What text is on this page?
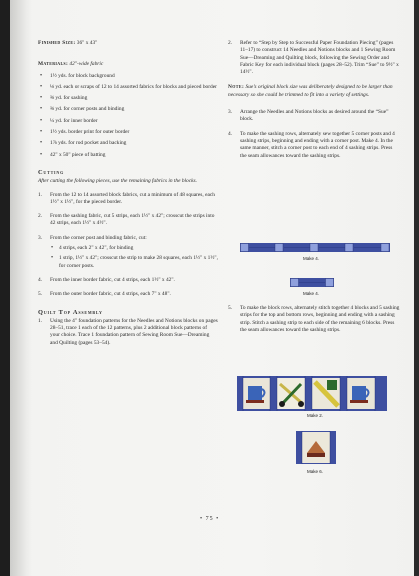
Finished Size: 36" x 43"
Materials: 42"-wide fabric
• 1½ yds. for block background
• ⅛ yd. each or scraps of 12 to 14 assorted fabrics for blocks and pieced border
• ⅜ yd. for sashing
• ⅜ yd. for corner posts and binding
• ¼ yd. for inner border
• 1½ yds. border print for outer border
• 1⅞ yds. for rod pocket and backing
• 42" x 50" piece of batting
Cutting
After cutting the following pieces, use the remaining fabrics in the blocks.
1. From the 12 to 14 assorted block fabrics, cut a minimum of 48 squares, each 1½" x 1½", for the pieced border.
2. From the sashing fabric, cut 5 strips, each 1½" x 42"; crosscut the strips into 42 strips, each 1½" x 4½".
3. From the corner post and binding fabric, cut:
• 4 strips, each 2" x 42", for binding
• 1 strip, 1½" x 42"; crosscut the strip to make 28 squares, each 1½" x 1½", for corner posts.
4. From the inner border fabric, cut 4 strips, each 1½" x 42".
5. From the outer border fabric, cut 4 strips, each 7" x 48".
Quilt Top Assembly
1. Using the 4" foundation patterns for the Needles and Notions blocks on pages 28–51, trace 1 each of the 12 patterns, plus 2 additional block patterns of your choice. Trace 1 foundation pattern of Sewing Room Sue—Dreaming and Quilting (pages 53–54).
2. Refer to “Step by Step to Successful Paper Foundation Piecing” (pages 11–17) to construct 14 Needles and Notions blocks and 1 Sewing Room Sue—Dreaming and Quilting block, following the Sewing Order and Fabric Key for each individual block (pages 28–52). Trim “Sue” to 9½" x 14½".
Note: Sue’s original block size was deliberately designed to be larger than necessary so she could be trimmed to fit into a variety of settings.
3. Arrange the Needles and Notions blocks as desired around the “Sue” block.
4. To make the sashing rows, alternately sew together 5 corner posts and 4 sashing strips, beginning and ending with a corner post. Make 4. In the same manner, stitch a corner post to each end of 4 sashing strips. Press the seam allowances toward the sashing strips.
Make 4.
Make 4.
5. To make the block rows, alternately stitch together 4 blocks and 5 sashing strips for the top and bottom rows, beginning and ending with a sashing strip. Stitch a sashing strip to each side of the remaining 6 blocks. Press the seam allowances toward the sashing strips.
Make 2.
Make 6.
• 75 •
